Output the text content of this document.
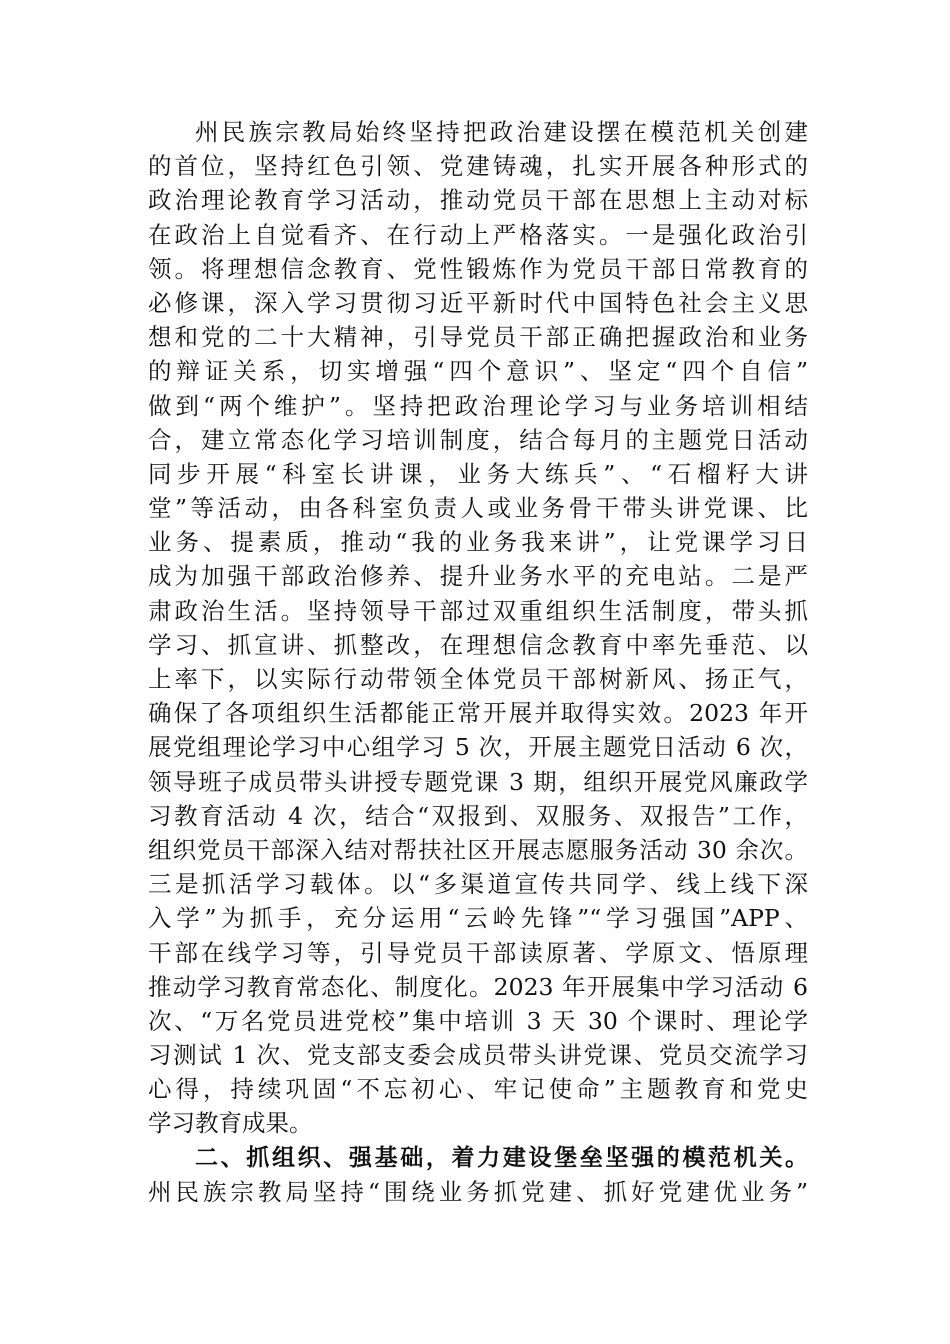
州民族宗教局始终坚持把政治建设摆在模范机关创建
的首位，坚持红色引领、党建铸魂，扎实开展各种形式的
政治理论教育学习活动，推动党员干部在思想上主动对标
在政治上自觉看齐、在行动上严格落实。一是强化政治引
领。将理想信念教育、党性锻炼作为党员干部日常教育的
必修课，深入学习贯彻习近平新时代中国特色社会主义思
想和党的二十大精神，引导党员干部正确把握政治和业务
的辩证关系，切实增强“四个意识”、坚定“四个自信”
做到“两个维护”。坚持把政治理论学习与业务培训相结
合，建立常态化学习培训制度，结合每月的主题党日活动
同步开展“科室长讲课，业务大练兵”、“石榴籽大讲
堂”等活动，由各科室负责人或业务骨干带头讲党课、比
业务、提素质，推动“我的业务我来讲”，让党课学习日
成为加强干部政治修养、提升业务水平的充电站。二是严
肃政治生活。坚持领导干部过双重组织生活制度，带头抓
学习、抓宣讲、抓整改，在理想信念教育中率先垂范、以
上率下，以实际行动带领全体党员干部树新风、扬正气，
确保了各项组织生活都能正常开展并取得实效。2023 年开
展党组理论学习中心组学习 5 次，开展主题党日活动 6 次，
领导班子成员带头讲授专题党课 3 期，组织开展党风廉政学
习教育活动 4 次，结合“双报到、双服务、双报告”工作，
组织党员干部深入结对帮扶社区开展志愿服务活动 30 余次。
三是抓活学习载体。以“多渠道宣传共同学、线上线下深
入学”为抓手，充分运用“云岭先锋”“学习强国”APP、
干部在线学习等，引导党员干部读原著、学原文、悟原理
推动学习教育常态化、制度化。2023 年开展集中学习活动 6
次、“万名党员进党校”集中培训 3 天 30 个课时、理论学
习测试 1 次、党支部支委会成员带头讲党课、党员交流学习
心得，持续巩固“不忘初心、牢记使命”主题教育和党史
学习教育成果。
二、抓组织、强基础，着力建设堡垒坚强的模范机关。
州民族宗教局坚持“围绕业务抓党建、抓好党建优业务”
